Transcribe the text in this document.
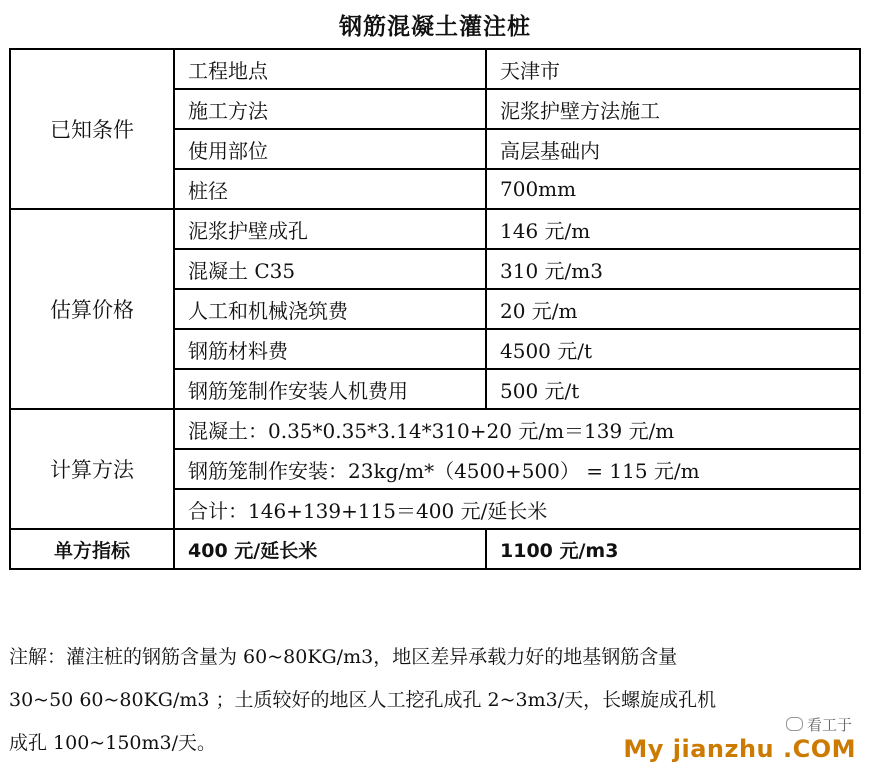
钢筋混凝土灌注桩
已知条件	工程地点	天津市
	施工方法	泥浆护壁方法施工
	使用部位	高层基础内
	桩径	700mm
估算价格	泥浆护壁成孔	146 元/m
	混凝土 C35	310 元/m3
	人工和机械浇筑费	20 元/m
	钢筋材料费	4500 元/t
	钢筋笼制作安装人机费用	500 元/t
计算方法	混凝土：0.35*0.35*3.14*310+20 元/m＝139 元/m	
	钢筋笼制作安装：23kg/m*（4500+500） = 115 元/m	
	合计：146+139+115＝400 元/延长米	
单方指标	400 元/延长米	1100 元/m3
注解：灌注桩的钢筋含量为 60~80KG/m3，地区差异承载力好的地基钢筋含量
30~50 60~80KG/m3 ；土质较好的地区人工挖孔成孔 2~3m3/天，长螺旋成孔机
成孔 100~150m3/天。
看工于
My jianzhu .COM
